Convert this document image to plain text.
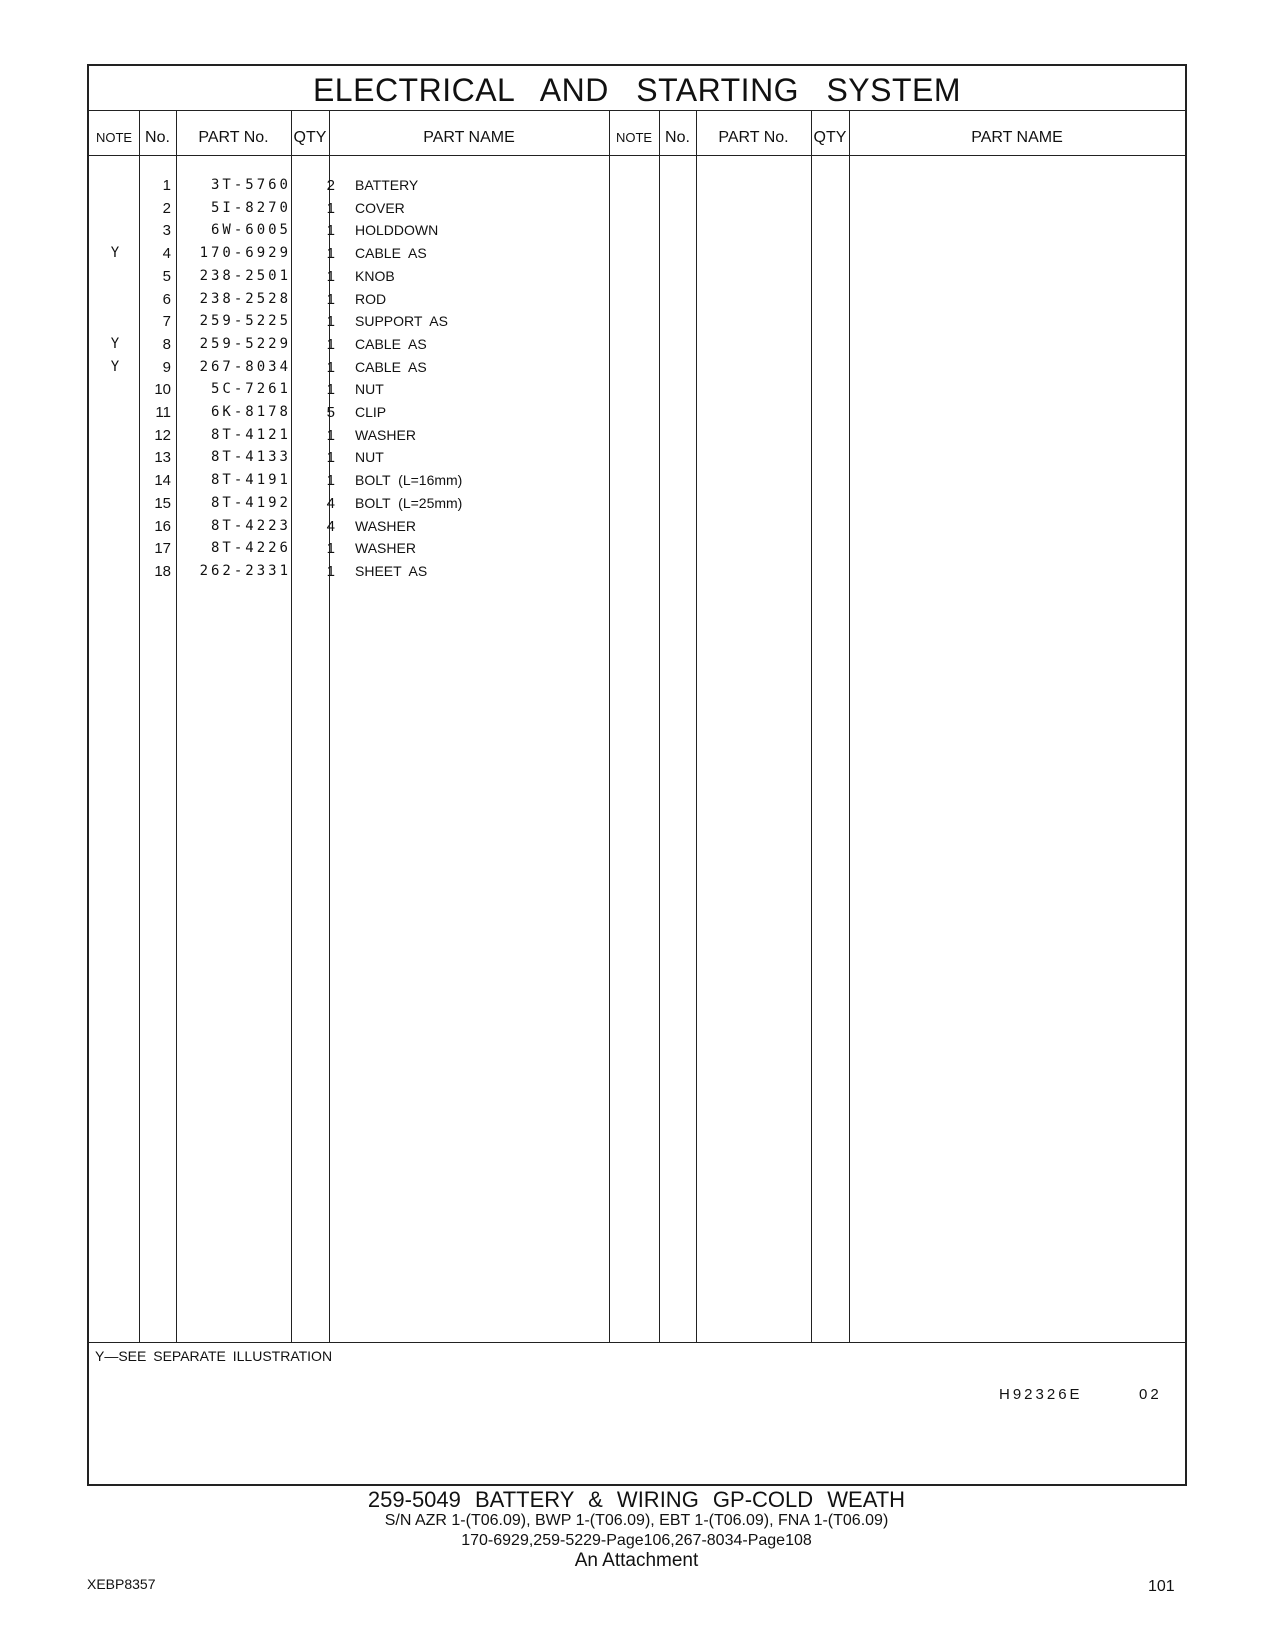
ELECTRICAL AND STARTING SYSTEM
NOTE No.	PART No.	QTY	PART NAME	NOTE No.	PART No.	QTY	PART NAME
1	3T-5760	2 BATTERY
2	5I-8270	1 COVER
3	6W-6005	1 HOLDDOWN
Y	4	170-6929	1 CABLE AS
5	238-2501	1 KNOB
6	238-2528	1 ROD
7	259-5225	1 SUPPORT AS
Y	8	259-5229	1 CABLE AS
Y	9	267-8034	1 CABLE AS
10	5C-7261	1 NUT
11	6K-8178	5 CLIP
12	8T-4121	1 WASHER
13	8T-4133	1 NUT
14	8T-4191	1 BOLT (L=16mm)
15	8T-4192	4 BOLT (L=25mm)
16	8T-4223	4 WASHER
17	8T-4226	1 WASHER
18	262-2331	1 SHEET AS
Y—SEE SEPARATE ILLUSTRATION
H92326E	02
259-5049 BATTERY & WIRING GP-COLD WEATH
S/N AZR 1-(T06.09), BWP 1-(T06.09), EBT 1-(T06.09), FNA 1-(T06.09)
170-6929,259-5229-Page106,267-8034-Page108
An Attachment
XEBP8357	101
